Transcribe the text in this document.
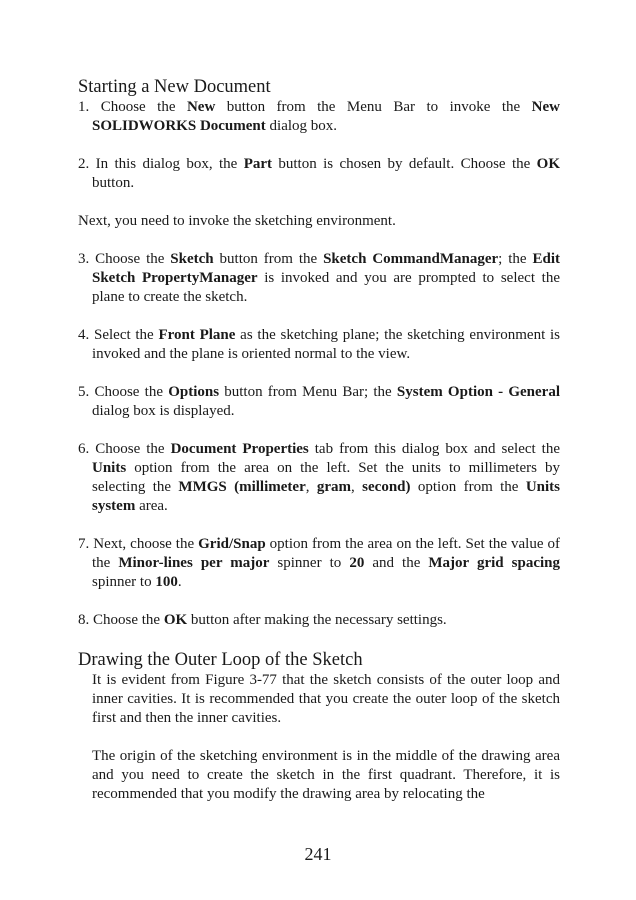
Starting a New Document

1. Choose the New button from the Menu Bar to invoke the New SOLIDWORKS Document dialog box.

2. In this dialog box, the Part button is chosen by default. Choose the OK button.

Next, you need to invoke the sketching environment.

3. Choose the Sketch button from the Sketch CommandManager; the Edit Sketch PropertyManager is invoked and you are prompted to select the plane to create the sketch.

4. Select the Front Plane as the sketching plane; the sketching environment is invoked and the plane is oriented normal to the view.

5. Choose the Options button from Menu Bar; the System Option - General dialog box is displayed.

6. Choose the Document Properties tab from this dialog box and select the Units option from the area on the left. Set the units to millimeters by selecting the MMGS (millimeter, gram, second) option from the Units system area.

7. Next, choose the Grid/Snap option from the area on the left. Set the value of the Minor-lines per major spinner to 20 and the Major grid spacing spinner to 100.

8. Choose the OK button after making the necessary settings.

Drawing the Outer Loop of the Sketch

It is evident from Figure 3-77 that the sketch consists of the outer loop and inner cavities. It is recommended that you create the outer loop of the sketch first and then the inner cavities.

The origin of the sketching environment is in the middle of the drawing area and you need to create the sketch in the first quadrant. Therefore, it is recommended that you modify the drawing area by relocating the

241
